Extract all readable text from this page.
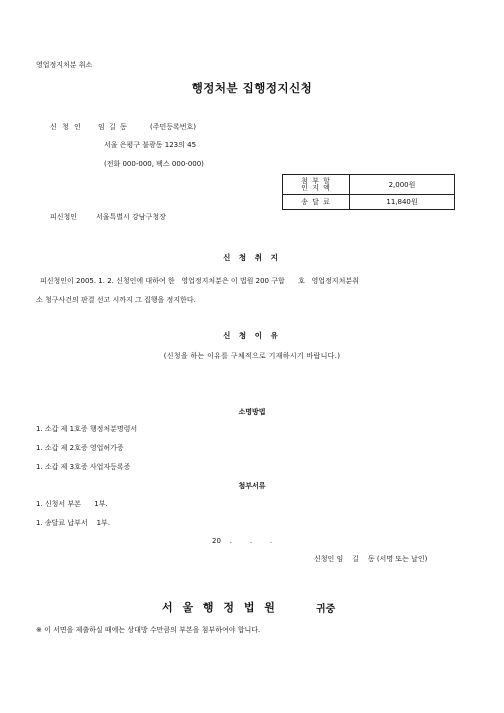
영업정지처분 취소
행정처분 집행정지신청
신 청 인 임 길 동	(주민등록번호)
서울 은평구 불광동 123의 45
(전화 000-000, 팩스 000-000)
첨 부 할
인 지 액	2,000원
송 달 료	11,840원
피신청인	서울특별시 강남구청장
신 청 취 지
피신청인이 2005. 1. 2. 신청인에 대하여 한   영업정지처분은 이 법원 200 구합      호   영업정지처분취
소 청구사건의 판결 선고 시까지 그 집행을 정지한다.
신 청 이 유
(신청을 하는 이유를 구체적으로 기재하시기 바랍니다.)
소명방법
1. 소갑 제 1호증 행정처분명령서
1. 소갑 제 2호증 영업허가증
1. 소갑 제 3호증 사업자등록증
첨부서류
1. 신청서 부본      1부.
1. 송달료 납부서    1부.
20    .        .        .
신청인 임    길    동 (서명 또는 날인)
서 울 행 정 법 원	귀중
※ 이 서면을 제출하실 때에는 상대방 수만큼의 부본을 첨부하여야 합니다.
